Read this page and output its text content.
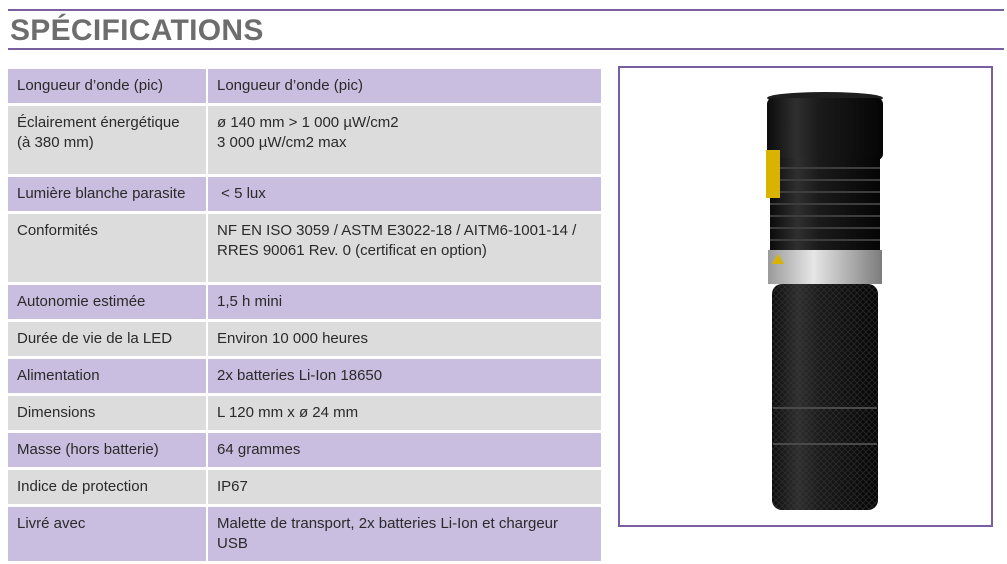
SPÉCIFICATIONS
Longueur d’onde (pic)	Longueur d’onde (pic)

Éclairement énergétique (à 380 mm)	ø 140 mm > 1 000 µW/cm2
3 000 µW/cm2 max

Lumière blanche parasite	< 5 lux

Conformités	NF EN ISO 3059 / ASTM E3022-18 / AITM6-1001-14 / RRES 90061 Rev. 0 (certificat en option)

Autonomie estimée	1,5 h mini

Durée de vie de la LED	Environ 10 000 heures

Alimentation	2x batteries Li-Ion 18650

Dimensions	L 120 mm x ø 24 mm

Masse (hors batterie)	64 grammes

Indice de protection	IP67

Livré avec	Malette de transport, 2x batteries Li-Ion et chargeur USB
